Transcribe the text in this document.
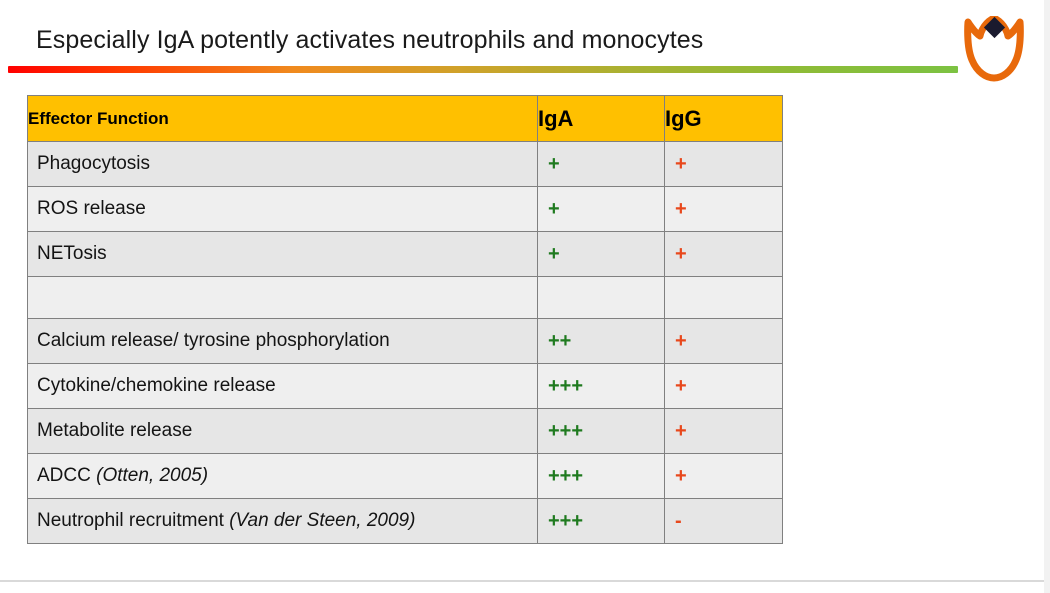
Especially IgA potently activates neutrophils and monocytes
Effector Function	IgA	IgG
Phagocytosis	+	+
ROS release	+	+
NETosis	+	+

Calcium release/ tyrosine phosphorylation	++	+
Cytokine/chemokine release	+++	+
Metabolite release	+++	+
ADCC (Otten, 2005)	+++	+
Neutrophil recruitment (Van der Steen, 2009)	+++	-
